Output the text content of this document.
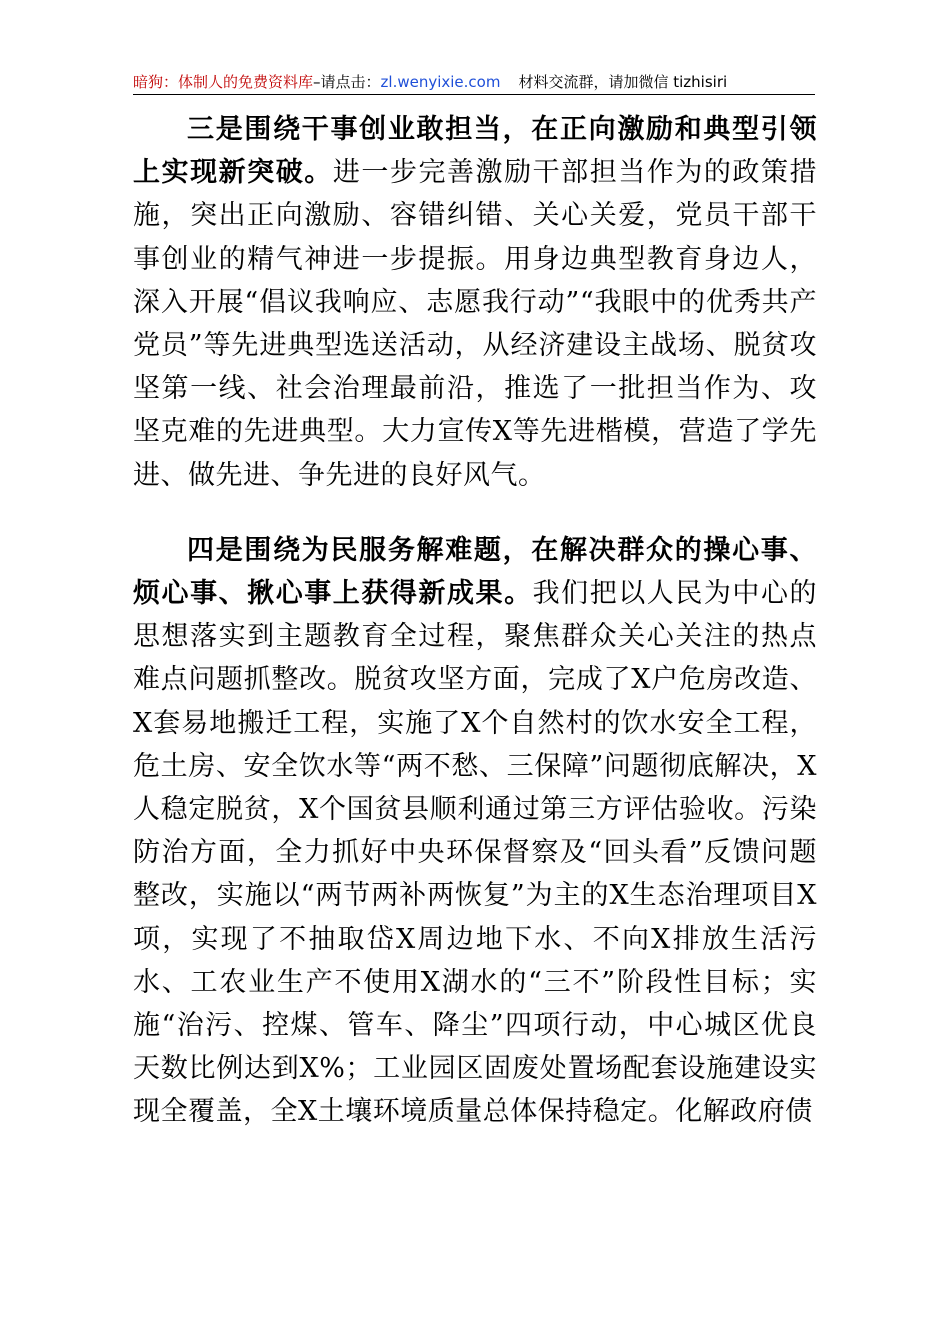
暗狗：体制人的免费资料库–请点击：zl.wenyixie.com 材料交流群，请加微信 tizhisiri

三是围绕干事创业敢担当，在正向激励和典型引领上实现新突破。进一步完善激励干部担当作为的政策措施，突出正向激励、容错纠错、关心关爱，党员干部干事创业的精气神进一步提振。用身边典型教育身边人，深入开展“倡议我响应、志愿我行动”“我眼中的优秀共产党员”等先进典型选送活动，从经济建设主战场、脱贫攻坚第一线、社会治理最前沿，推选了一批担当作为、攻坚克难的先进典型。大力宣传X等先进楷模，营造了学先进、做先进、争先进的良好风气。

四是围绕为民服务解难题，在解决群众的操心事、烦心事、揪心事上获得新成果。我们把以人民为中心的思想落实到主题教育全过程，聚焦群众关心关注的热点难点问题抓整改。脱贫攻坚方面，完成了X户危房改造、X套易地搬迁工程，实施了X个自然村的饮水安全工程，危土房、安全饮水等“两不愁、三保障”问题彻底解决，X人稳定脱贫，X个国贫县顺利通过第三方评估验收。污染防治方面，全力抓好中央环保督察及“回头看”反馈问题整改，实施以“两节两补两恢复”为主的X生态治理项目X项，实现了不抽取岱X周边地下水、不向X排放生活污水、工农业生产不使用X湖水的“三不”阶段性目标；实施“治污、控煤、管车、降尘”四项行动，中心城区优良天数比例达到X%；工业园区固废处置场配套设施建设实现全覆盖，全X土壤环境质量总体保持稳定。化解政府债
